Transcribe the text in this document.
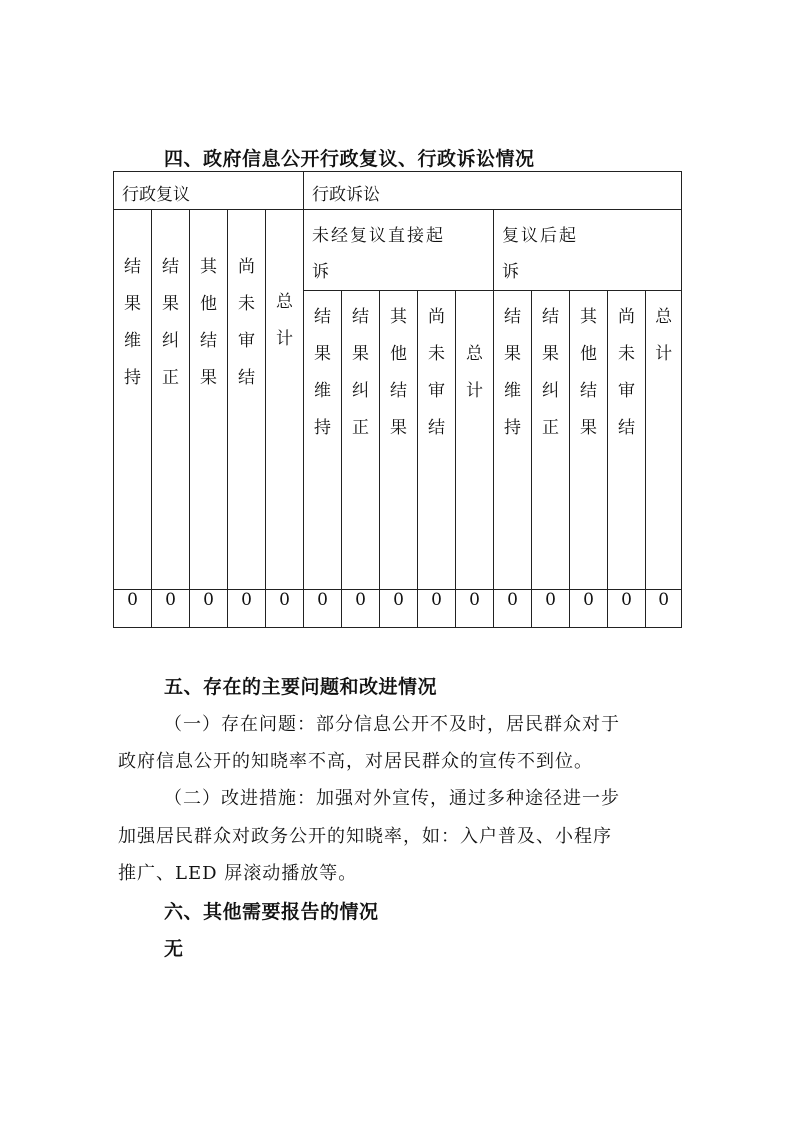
四、政府信息公开行政复议、行政诉讼情况
行政复议					行政诉讼									

结果维持	结果纠正	其他结果	尚未审结	总计	未经复议直接起诉					复议后起诉				

					结果维持	结果纠正	其他结果	尚未审结	总计	结果维持	结果纠正	其他结果	尚未审结	总计

0	0	0	0	0	0	0	0	0	0	0	0	0	0	0
五、存在的主要问题和改进情况
（一）存在问题：部分信息公开不及时，居民群众对于
政府信息公开的知晓率不高，对居民群众的宣传不到位。
（二）改进措施：加强对外宣传，通过多种途径进一步
加强居民群众对政务公开的知晓率，如：入户普及、小程序
推广、LED 屏滚动播放等。
六、其他需要报告的情况
无
